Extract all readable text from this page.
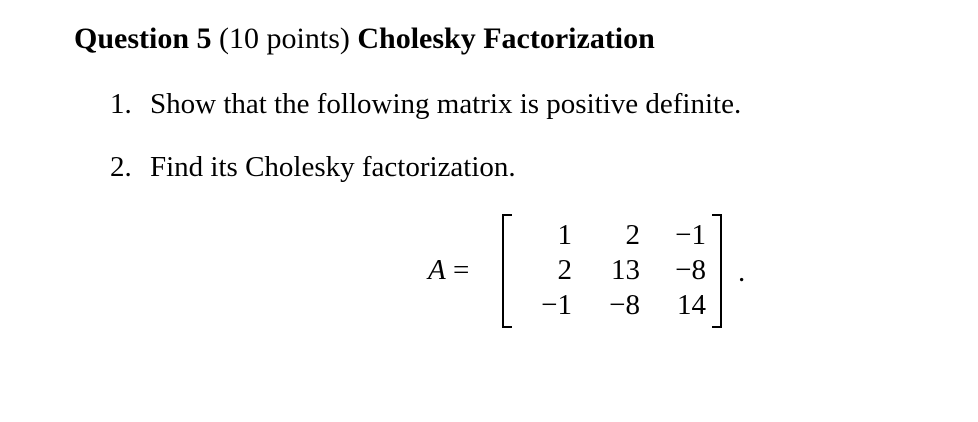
Question 5 (10 points) Cholesky Factorization
1. Show that the following matrix is positive definite.
2. Find its Cholesky factorization.
A =
1	2	−1
2	13	−8
−1	−8	14
.
